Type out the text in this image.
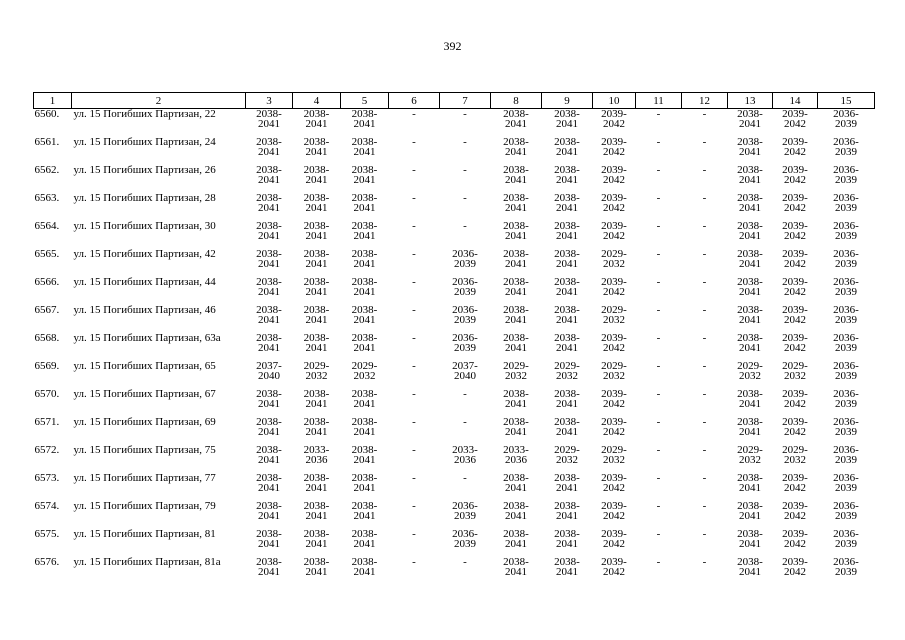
392
1	2	3	4	5	6	7	8	9	10	11	12	13	14	15
6560.	ул. 15 Погибших Партизан, 22	2038-
2041	2038-
2041	2038-
2041	-	-	2038-
2041	2038-
2041	2039-
2042	-	-	2038-
2041	2039-
2042	2036-
2039

6561.	ул. 15 Погибших Партизан, 24	2038-
2041	2038-
2041	2038-
2041	-	-	2038-
2041	2038-
2041	2039-
2042	-	-	2038-
2041	2039-
2042	2036-
2039

6562.	ул. 15 Погибших Партизан, 26	2038-
2041	2038-
2041	2038-
2041	-	-	2038-
2041	2038-
2041	2039-
2042	-	-	2038-
2041	2039-
2042	2036-
2039

6563.	ул. 15 Погибших Партизан, 28	2038-
2041	2038-
2041	2038-
2041	-	-	2038-
2041	2038-
2041	2039-
2042	-	-	2038-
2041	2039-
2042	2036-
2039

6564.	ул. 15 Погибших Партизан, 30	2038-
2041	2038-
2041	2038-
2041	-	-	2038-
2041	2038-
2041	2039-
2042	-	-	2038-
2041	2039-
2042	2036-
2039

6565.	ул. 15 Погибших Партизан, 42	2038-
2041	2038-
2041	2038-
2041	-	2036-
2039	2038-
2041	2038-
2041	2029-
2032	-	-	2038-
2041	2039-
2042	2036-
2039

6566.	ул. 15 Погибших Партизан, 44	2038-
2041	2038-
2041	2038-
2041	-	2036-
2039	2038-
2041	2038-
2041	2039-
2042	-	-	2038-
2041	2039-
2042	2036-
2039

6567.	ул. 15 Погибших Партизан, 46	2038-
2041	2038-
2041	2038-
2041	-	2036-
2039	2038-
2041	2038-
2041	2029-
2032	-	-	2038-
2041	2039-
2042	2036-
2039

6568.	ул. 15 Погибших Партизан, 63а	2038-
2041	2038-
2041	2038-
2041	-	2036-
2039	2038-
2041	2038-
2041	2039-
2042	-	-	2038-
2041	2039-
2042	2036-
2039

6569.	ул. 15 Погибших Партизан, 65	2037-
2040	2029-
2032	2029-
2032	-	2037-
2040	2029-
2032	2029-
2032	2029-
2032	-	-	2029-
2032	2029-
2032	2036-
2039

6570.	ул. 15 Погибших Партизан, 67	2038-
2041	2038-
2041	2038-
2041	-	-	2038-
2041	2038-
2041	2039-
2042	-	-	2038-
2041	2039-
2042	2036-
2039

6571.	ул. 15 Погибших Партизан, 69	2038-
2041	2038-
2041	2038-
2041	-	-	2038-
2041	2038-
2041	2039-
2042	-	-	2038-
2041	2039-
2042	2036-
2039

6572.	ул. 15 Погибших Партизан, 75	2038-
2041	2033-
2036	2038-
2041	-	2033-
2036	2033-
2036	2029-
2032	2029-
2032	-	-	2029-
2032	2029-
2032	2036-
2039

6573.	ул. 15 Погибших Партизан, 77	2038-
2041	2038-
2041	2038-
2041	-	-	2038-
2041	2038-
2041	2039-
2042	-	-	2038-
2041	2039-
2042	2036-
2039

6574.	ул. 15 Погибших Партизан, 79	2038-
2041	2038-
2041	2038-
2041	-	2036-
2039	2038-
2041	2038-
2041	2039-
2042	-	-	2038-
2041	2039-
2042	2036-
2039

6575.	ул. 15 Погибших Партизан, 81	2038-
2041	2038-
2041	2038-
2041	-	2036-
2039	2038-
2041	2038-
2041	2039-
2042	-	-	2038-
2041	2039-
2042	2036-
2039

6576.	ул. 15 Погибших Партизан, 81а	2038-
2041	2038-
2041	2038-
2041	-	-	2038-
2041	2038-
2041	2039-
2042	-	-	2038-
2041	2039-
2042	2036-
2039
